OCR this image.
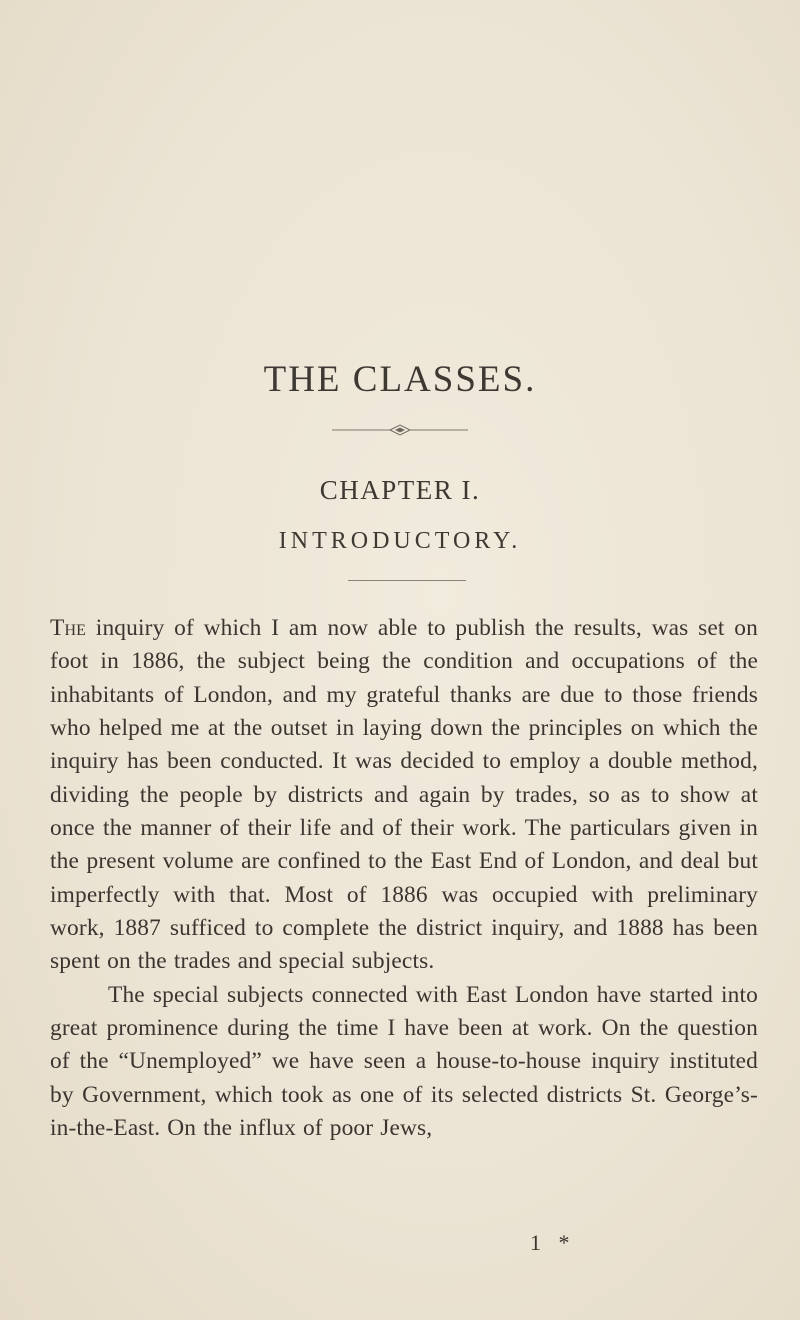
THE CLASSES.
CHAPTER I.
INTRODUCTORY.

The inquiry of which I am now able to publish the results, was set on foot in 1886, the subject being the condition and occupations of the inhabitants of London, and my grateful thanks are due to those friends who helped me at the outset in laying down the principles on which the inquiry has been conducted. It was decided to employ a double method, dividing the people by districts and again by trades, so as to show at once the manner of their life and of their work. The particulars given in the present volume are confined to the East End of London, and deal but imperfectly with that. Most of 1886 was occupied with preliminary work, 1887 sufficed to complete the district inquiry, and 1888 has been spent on the trades and special subjects.

The special subjects connected with East London have started into great prominence during the time I have been at work. On the question of the “Unemployed” we have seen a house-to-house inquiry instituted by Government, which took as one of its selected districts St. George’s-in-the-East. On the influx of poor Jews,

1 *
